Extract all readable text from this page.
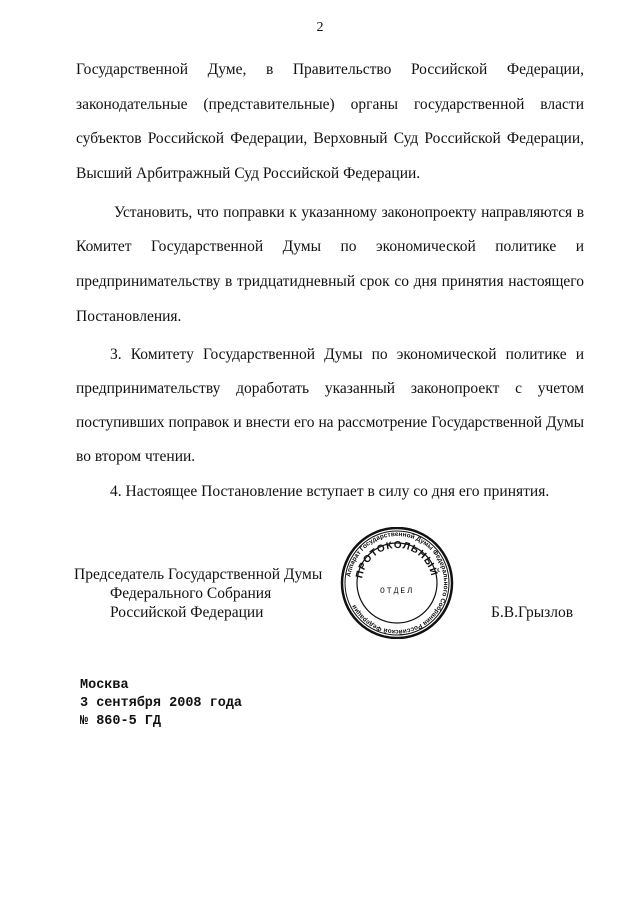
2
Государственной Думе, в Правительство Российской Федерации,
законодательные (представительные) органы государственной власти
субъектов Российской Федерации, Верховный Суд Российской Федерации,
Высший Арбитражный Суд Российской Федерации.
Установить, что поправки к указанному законопроекту направляются в
Комитет Государственной Думы по экономической политике и
предпринимательству в тридцатидневный срок со дня принятия настоящего
Постановления.
3. Комитету Государственной Думы по экономической политике и
предпринимательству доработать указанный законопроект с учетом
поступивших поправок и внести его на рассмотрение Государственной Думы
во втором чтении.
4. Настоящее Постановление вступает в силу со дня его принятия.
Председатель Государственной Думы
Федерального Собрания
Российской Федерации	Б.В.Грызлов
Аппарат Государственной Думы Федерального Собрания Российской Федерации
ПРОТОКОЛЬНЫЙ
ОТДЕЛ
Москва
3 сентября 2008 года
№ 860-5 ГД
